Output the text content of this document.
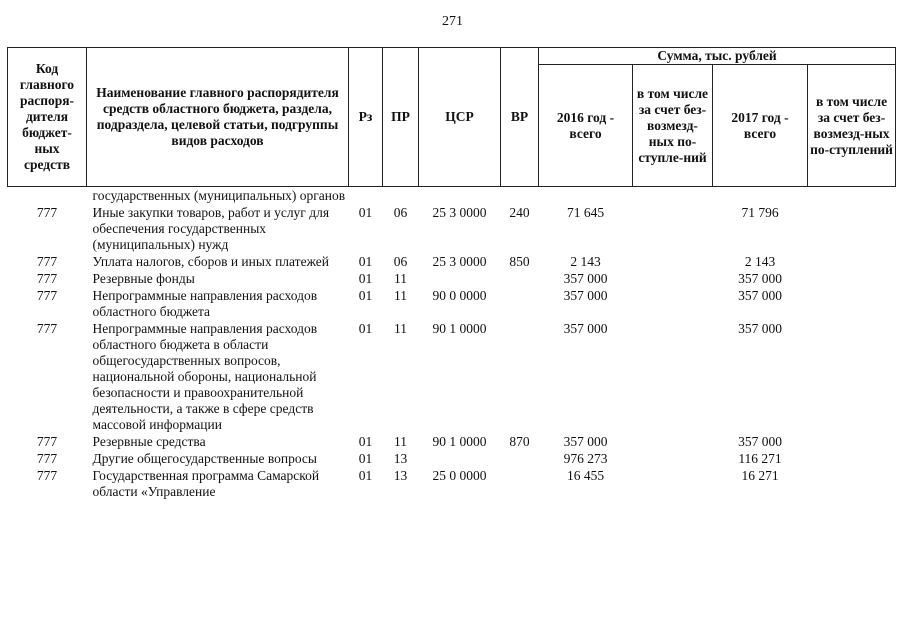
271
Код главного распоря-дителя бюджет-ных средств	Наименование главного распорядителя средств областного бюджета, раздела, подраздела, целевой статьи, подгруппы видов расходов	Рз	ПР	ЦСР	ВР	Сумма, тыс. рублей			
						2016 год - всего	в том числе за счет без-возмезд-ных по-ступле-ний	2017 год - всего	в том числе за счет без-возмезд-ных по-ступлений
	государственных (муниципальных) органов								
777	Иные закупки товаров, работ и услуг для обеспечения государственных (муниципальных) нужд	01	06	25 3 0000	240	71 645		71 796	
777	Уплата налогов, сборов и иных платежей	01	06	25 3 0000	850	2 143		2 143	
777	Резервные фонды	01	11			357 000		357 000	
777	Непрограммные направления расходов областного бюджета	01	11	90 0 0000		357 000		357 000	
777	Непрограммные направления расходов областного бюджета в области общегосударственных вопросов, национальной обороны, национальной безопасности и правоохранительной деятельности, а также в сфере средств массовой информации	01	11	90 1 0000		357 000		357 000	
777	Резервные средства	01	11	90 1 0000	870	357 000		357 000	
777	Другие общегосударственные вопросы	01	13			976 273		116 271	
777	Государственная программа Самарской области «Управление	01	13	25 0 0000		16 455		16 271	
